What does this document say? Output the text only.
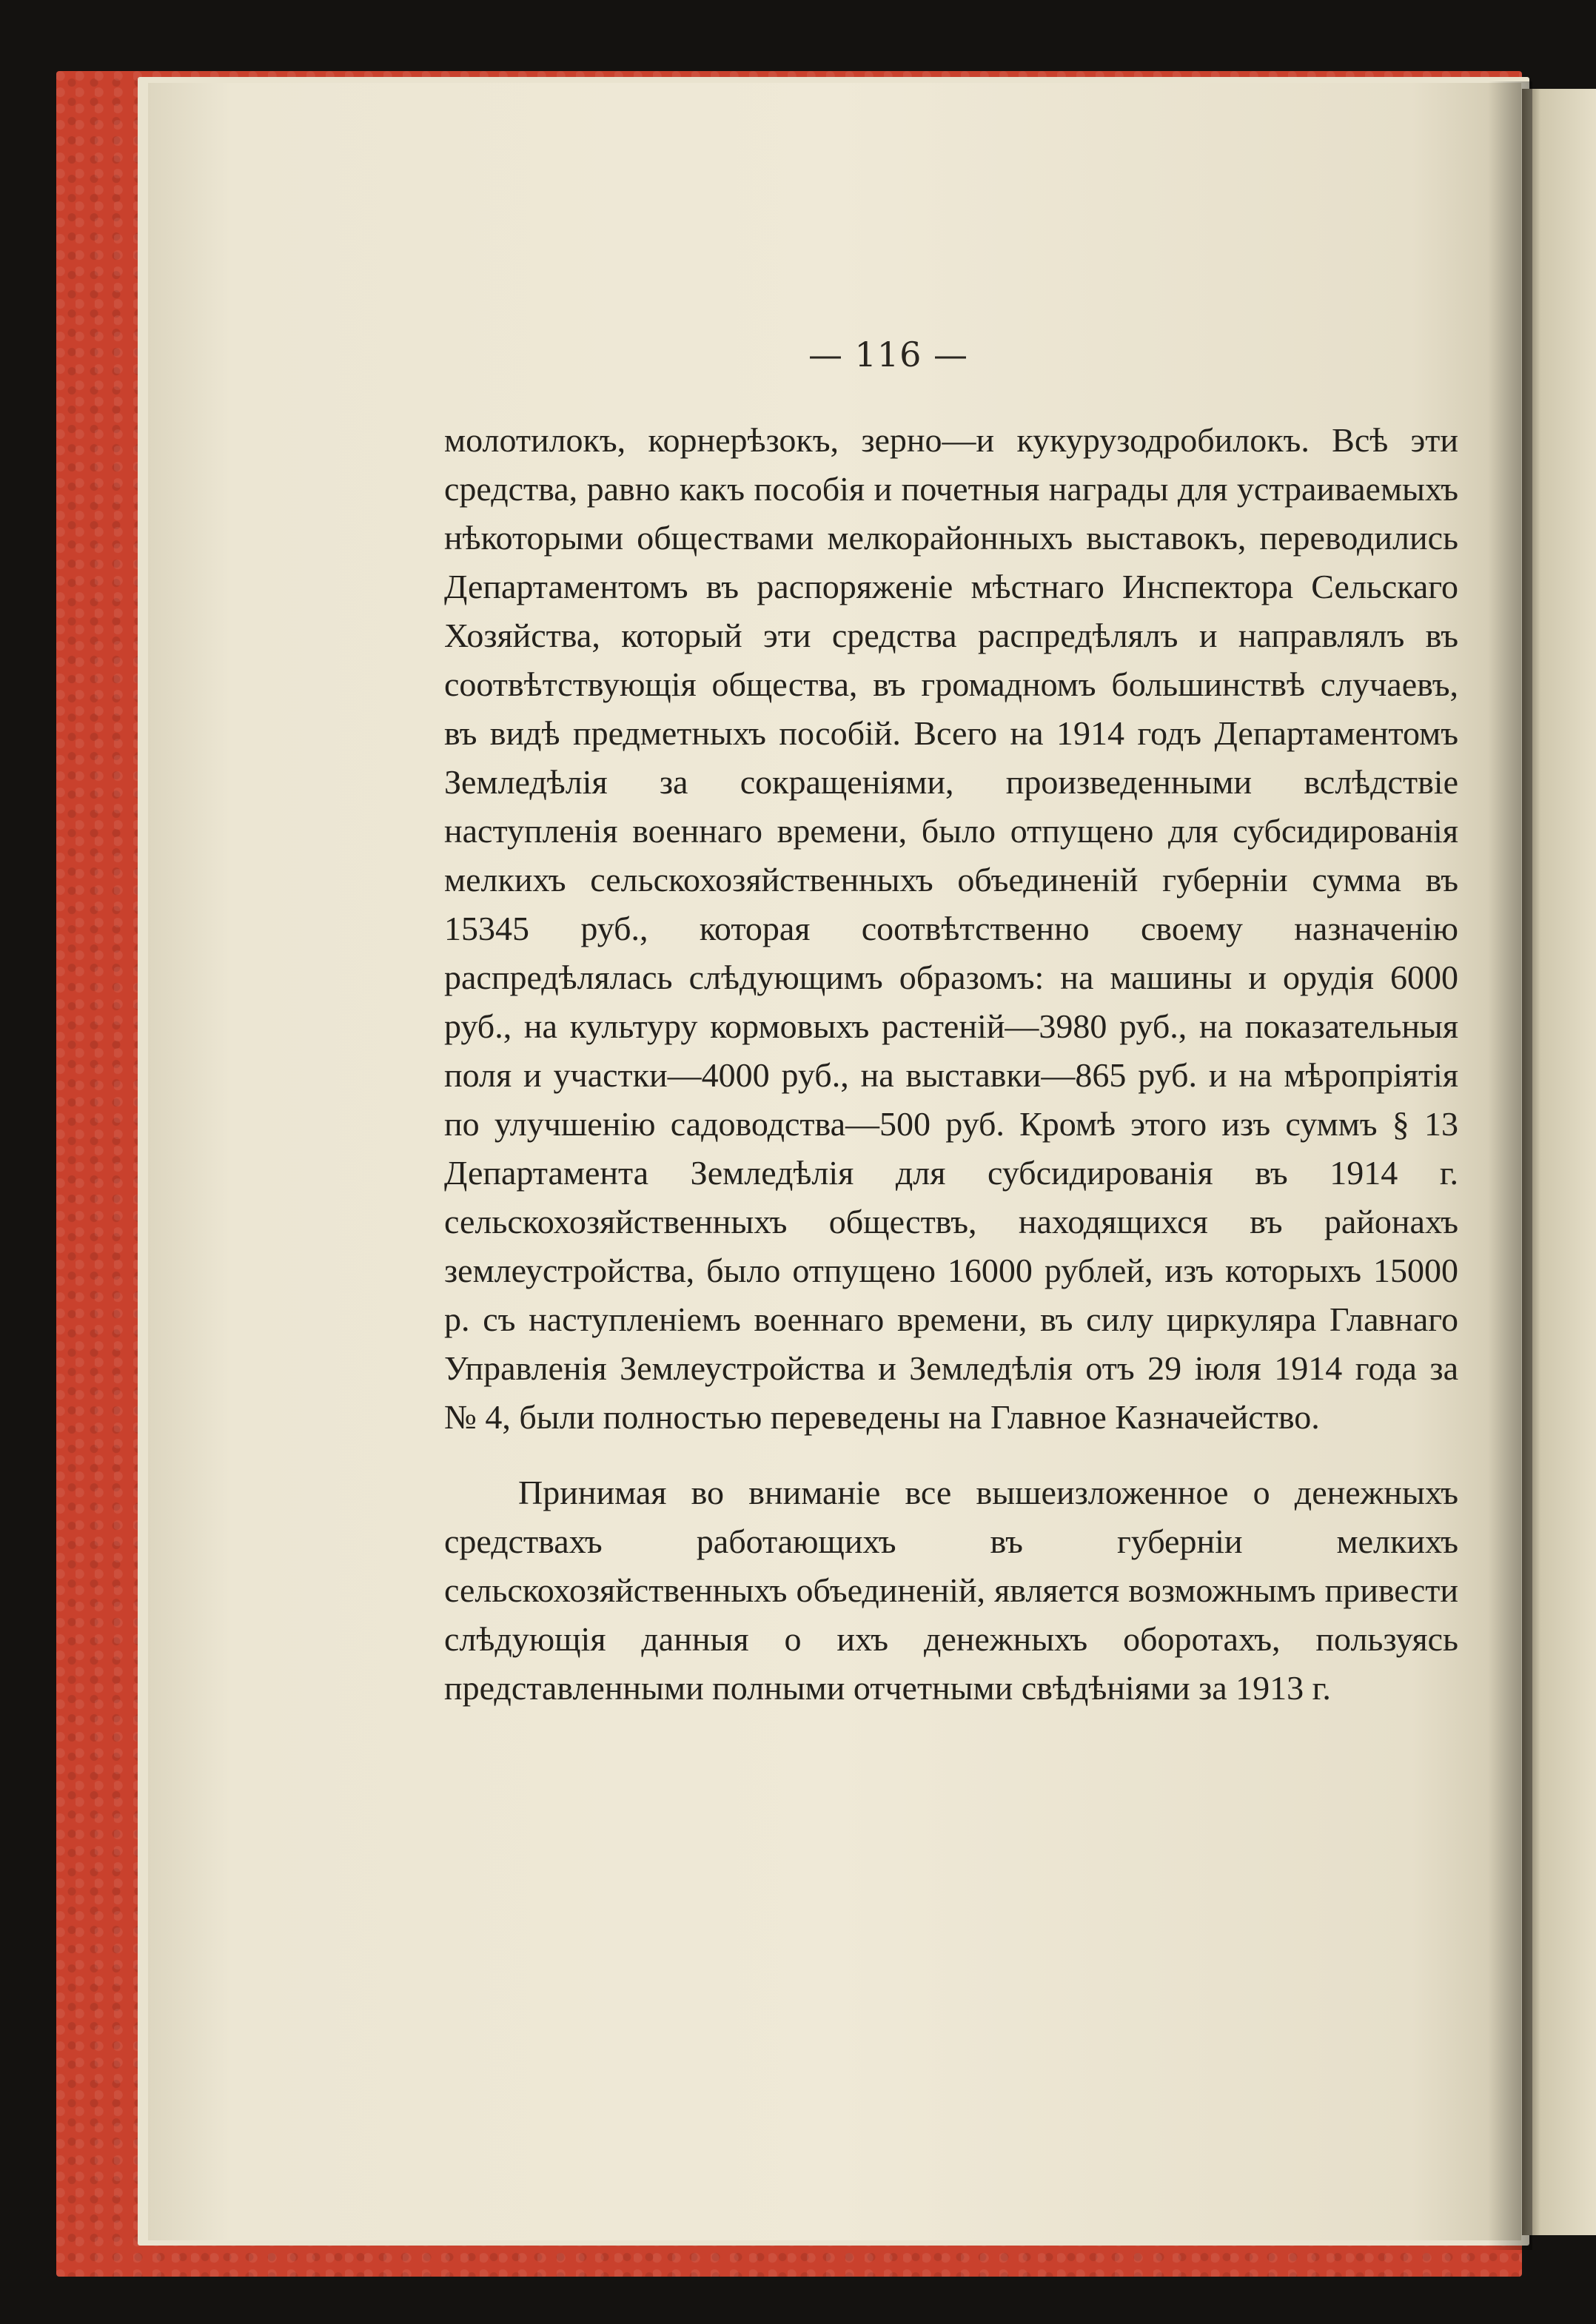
— 116 —

молотилокъ, корнерѣзокъ, зерно—и кукурузодробилокъ. Всѣ эти средства, равно какъ пособія и почетныя награды для устраиваемыхъ нѣкоторыми обществами мелкорайонныхъ выставокъ, переводились Департаментомъ въ распоряженіе мѣстнаго Инспектора Сельскаго Хозяйства, который эти средства распредѣлялъ и направлялъ въ соотвѣтствующія общества, въ громадномъ большинствѣ случаевъ, въ видѣ предметныхъ пособій. Всего на 1914 годъ Департаментомъ Земледѣлія за сокращеніями, произведенными вслѣдствіе наступленія военнаго времени, было отпущено для субсидированія мелкихъ сельскохозяйственныхъ объединеній губерніи сумма въ 15345 руб., которая соотвѣтственно своему назначенію распредѣлялась слѣдующимъ образомъ: на машины и орудія 6000 руб., на культуру кормовыхъ растеній—3980 руб., на показательныя поля и участки—4000 руб., на выставки—865 руб. и на мѣропріятія по улучшенію садоводства—500 руб. Кромѣ этого изъ суммъ § 13 Департамента Земледѣлія для субсидированія въ 1914 г. сельскохозяйственныхъ обществъ, находящихся въ районахъ землеустройства, было отпущено 16000 рублей, изъ которыхъ 15000 р. съ наступленіемъ военнаго времени, въ силу циркуляра Главнаго Управленія Землеустройства и Земледѣлія отъ 29 іюля 1914 года за № 4, были полностью переведены на Главное Казначейство.

Принимая во вниманіе все вышеизложенное о денежныхъ средствахъ работающихъ въ губерніи мелкихъ сельскохозяйственныхъ объединеній, является возможнымъ привести слѣдующія данныя о ихъ денежныхъ оборотахъ, пользуясь представленными полными отчетными свѣдѣніями за 1913 г.
